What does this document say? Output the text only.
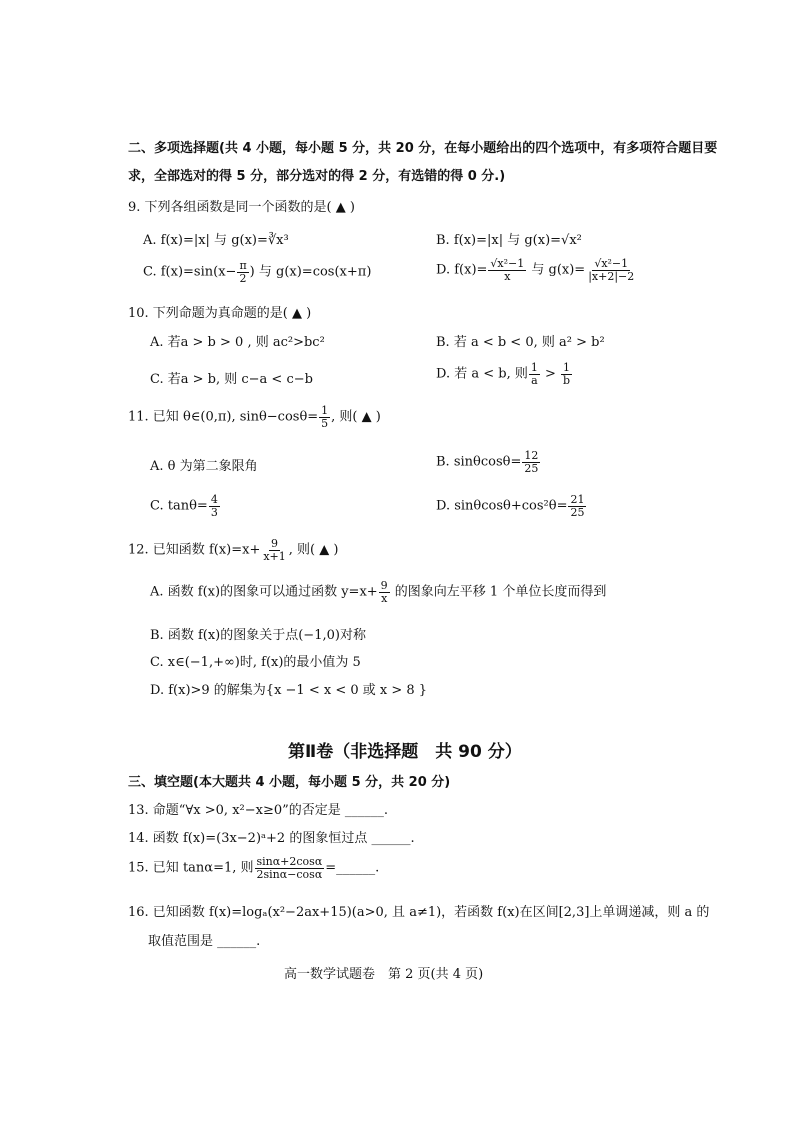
二、多项选择题(共 4 小题，每小题 5 分，共 20 分，在每小题给出的四个选项中，有多项符合题目要
求，全部选对的得 5 分，部分选对的得 2 分，有选错的得 0 分.)
9. 下列各组函数是同一个函数的是( ▲ )
A. f(x)=|x| 与 g(x)=∛x³	B. f(x)=|x| 与 g(x)=√x²
C. $f(x)=\sin(x- \frac{\pi}{2}$ ) 与 g(x)=cos(x+π)	D. $f(x)= \frac{\text{√x²−1}}{x}$ 与 $g(x)= \frac{\text{√x²−1}}{|x+2|-2}$
10. 下列命题为真命题的是( ▲ )
A. 若a > b > 0 , 则 ac²>bc²	B. 若 a < b < 0, 则 a² > b²
C. 若a > b, 则 c−a < c−b	D. 若 a < b, 则 $\frac{1}{a} > \frac{1}{b}$
11. 已知 θ∈(0,π), $\sin\theta-\cos\theta= \frac{1}{5}$ , 则( ▲ )
A. θ 为第二象限角	B. $\sin\theta\cos\theta= \frac{12}{25}$
C. $\tan\theta= \frac{4}{3}$	D. $\sin\theta\cos\theta+\cos^2\theta= \frac{21}{25}$
12. 已知函数 $f(x)=x+ \frac{9}{x+1}$ , 则( ▲ )
A. 函数 f(x)的图象可以通过函数 $y=x+ \frac{9}{x}$ 的图象向左平移 1 个单位长度而得到
B. 函数 f(x)的图象关于点(−1,0)对称
C. x∈(−1,+∞)时, f(x)的最小值为 5
D. f(x)>9 的解集为{x −1 < x < 0 或 x > 8 }
第Ⅱ卷（非选择题　共 90 分）
三、填空题(本大题共 4 小题，每小题 5 分，共 20 分)
13. 命题“∀x >0, x²−x≥0”的否定是 ______.
14. 函数 f(x)=(3x−2)ᵃ+2 的图象恒过点 ______.
15. 已知 tanα=1, 则 $\frac{\sin\alpha+2\cos\alpha}{2\sin\alpha-\cos\alpha}$ =______.
16. 已知函数 f(x)=logₐ(x²−2ax+15)(a>0, 且 a≠1)，若函数 f(x)在区间[2,3]上单调递减，则 a 的
取值范围是 ______.
高一数学试题卷　第 2 页(共 4 页)
